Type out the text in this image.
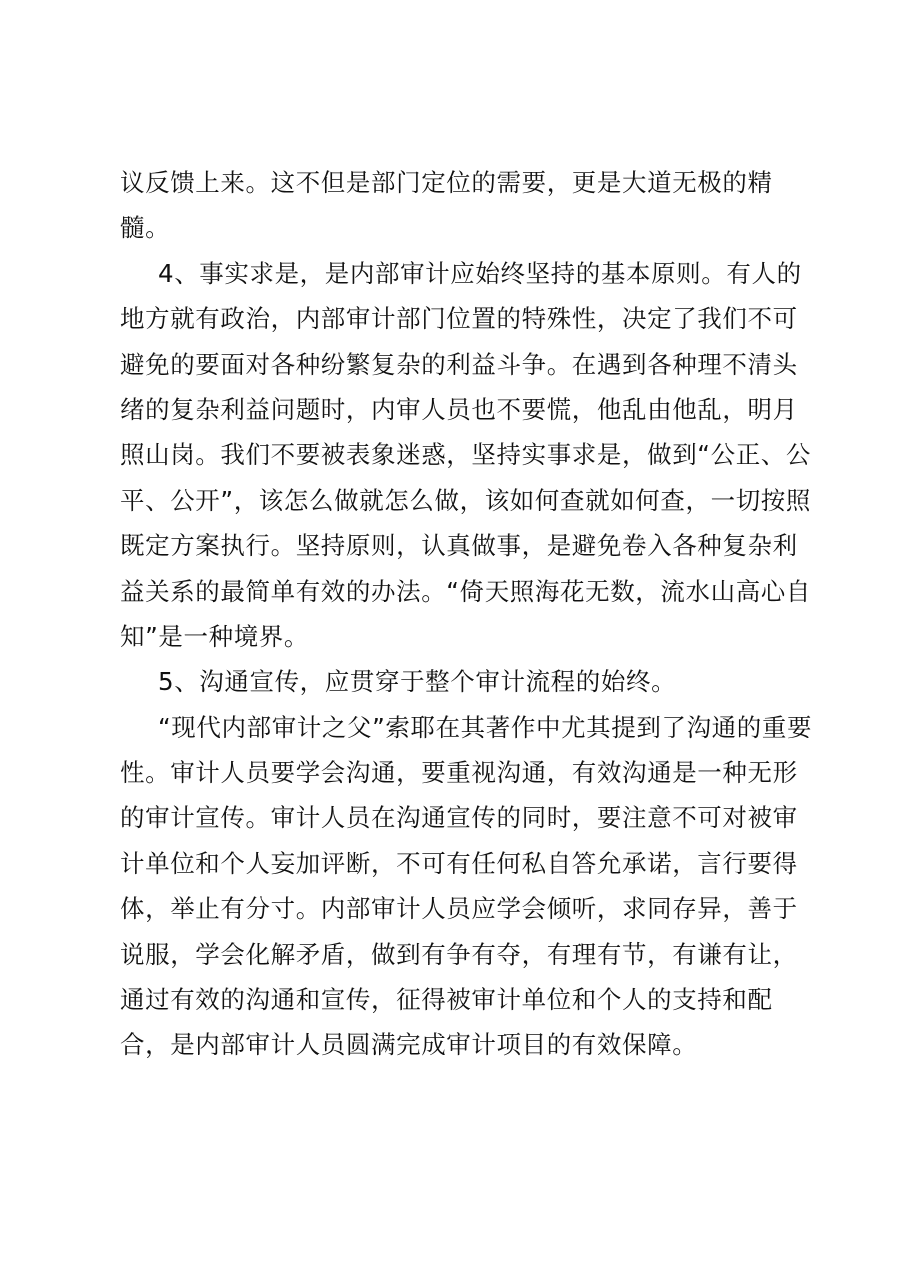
议反馈上来。这不但是部门定位的需要，更是大道无极的精
髓。
4、事实求是，是内部审计应始终坚持的基本原则。有人的
地方就有政治，内部审计部门位置的特殊性，决定了我们不可
避免的要面对各种纷繁复杂的利益斗争。在遇到各种理不清头
绪的复杂利益问题时，内审人员也不要慌，他乱由他乱，明月
照山岗。我们不要被表象迷惑，坚持实事求是，做到“公正、公
平、公开”，该怎么做就怎么做，该如何查就如何查，一切按照
既定方案执行。坚持原则，认真做事，是避免卷入各种复杂利
益关系的最简单有效的办法。“倚天照海花无数，流水山高心自
知”是一种境界。
5、沟通宣传，应贯穿于整个审计流程的始终。
“现代内部审计之父”索耶在其著作中尤其提到了沟通的重要
性。审计人员要学会沟通，要重视沟通，有效沟通是一种无形
的审计宣传。审计人员在沟通宣传的同时，要注意不可对被审
计单位和个人妄加评断，不可有任何私自答允承诺，言行要得
体，举止有分寸。内部审计人员应学会倾听，求同存异，善于
说服，学会化解矛盾，做到有争有夺，有理有节，有谦有让，
通过有效的沟通和宣传，征得被审计单位和个人的支持和配
合，是内部审计人员圆满完成审计项目的有效保障。
